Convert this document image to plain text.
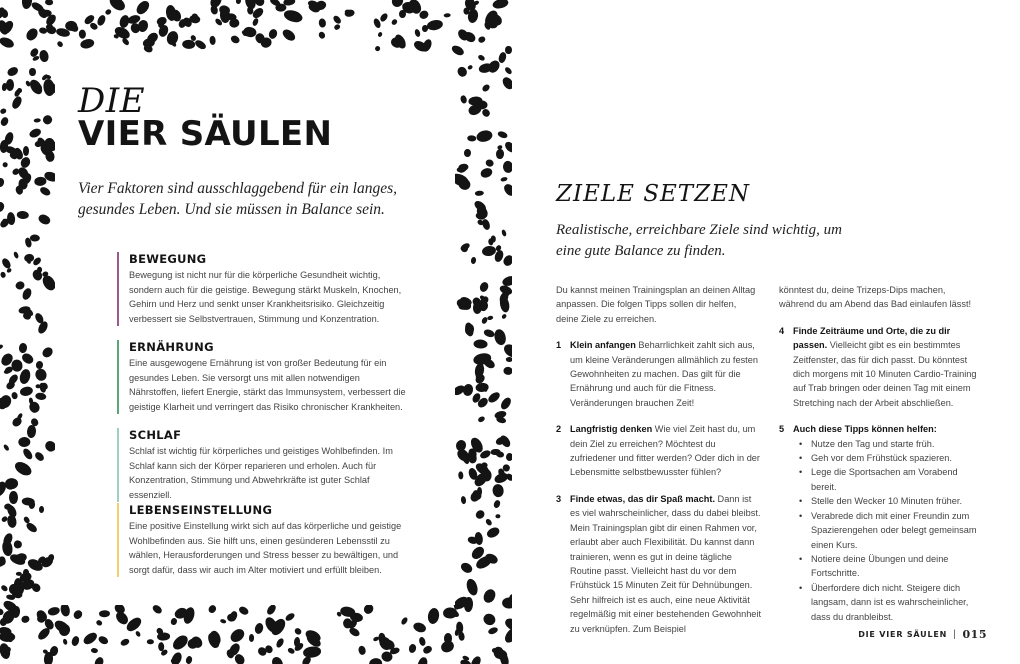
DIE
VIER SÄULEN
Vier Faktoren sind ausschlaggebend für ein langes, gesundes Leben. Und sie müssen in Balance sein.
BEWEGUNG

Bewegung ist nicht nur für die körperliche Gesundheit wichtig, sondern auch für die geistige. Bewegung stärkt Muskeln, Knochen, Gehirn und Herz und senkt unser Krankheitsrisiko. Gleichzeitig verbessert sie Selbstvertrauen, Stimmung und Konzentration.

ERNÄHRUNG

Eine ausgewogene Ernährung ist von großer Bedeutung für ein gesundes Leben. Sie versorgt uns mit allen notwendigen Nährstoffen, liefert Energie, stärkt das Immunsystem, verbessert die geistige Klarheit und verringert das Risiko chronischer Krankheiten.

SCHLAF

Schlaf ist wichtig für körperliches und geistiges Wohlbefinden. Im Schlaf kann sich der Körper reparieren und erholen. Auch für Konzentration, Stimmung und Abwehrkräfte ist guter Schlaf essenziell.

LEBENSEINSTELLUNG

Eine positive Einstellung wirkt sich auf das körperliche und geistige Wohlbefinden aus. Sie hilft uns, einen gesünderen Lebensstil zu wählen, Herausforderungen und Stress besser zu bewältigen, und sorgt dafür, dass wir auch im Alter motiviert und erfüllt bleiben.

ZIELE SETZEN
Realistische, erreichbare Ziele sind wichtig, um eine gute Balance zu finden.

Du kannst meinen Trainingsplan an deinen Alltag anpassen. Die folgen Tipps sollen dir helfen, deine Ziele zu erreichen.

1 Klein anfangen Beharrlichkeit zahlt sich aus, um kleine Veränderungen allmählich zu festen Gewohnheiten zu machen. Das gilt für die Ernährung und auch für die Fitness. Veränderungen brauchen Zeit!
2 Langfristig denken Wie viel Zeit hast du, um dein Ziel zu erreichen? Möchtest du zufriedener und fitter werden? Oder dich in der Lebensmitte selbstbewusster fühlen?
3 Finde etwas, das dir Spaß macht. Dann ist es viel wahrscheinlicher, dass du dabei bleibst. Mein Trainingsplan gibt dir einen Rahmen vor, erlaubt aber auch Flexibilität. Du kannst dann trainieren, wenn es gut in deine tägliche Routine passt. Vielleicht hast du vor dem Frühstück 15 Minuten Zeit für Dehnübungen. Sehr hilfreich ist es auch, eine neue Aktivität regelmäßig mit einer bestehenden Gewohnheit zu verknüpfen. Zum Beispiel

könntest du, deine Trizeps-Dips machen, während du am Abend das Bad einlaufen lässt!

4 Finde Zeiträume und Orte, die zu dir passen. Vielleicht gibt es ein bestimmtes Zeitfenster, das für dich passt. Du könntest dich morgens mit 10 Minuten Cardio-Training auf Trab bringen oder deinen Tag mit einem Stretching nach der Arbeit abschließen.
5 Auch diese Tipps können helfen:
• Nutze den Tag und starte früh.
• Geh vor dem Frühstück spazieren.
• Lege die Sportsachen am Vorabend bereit.
• Stelle den Wecker 10 Minuten früher.
• Verabrede dich mit einer Freundin zum Spazierengehen oder belegt gemeinsam einen Kurs.
• Notiere deine Übungen und deine Fortschritte.
• Überfordere dich nicht. Steigere dich langsam, dann ist es wahrscheinlicher, dass du dranbleibst.
DIE VIER SÄULEN | 015
